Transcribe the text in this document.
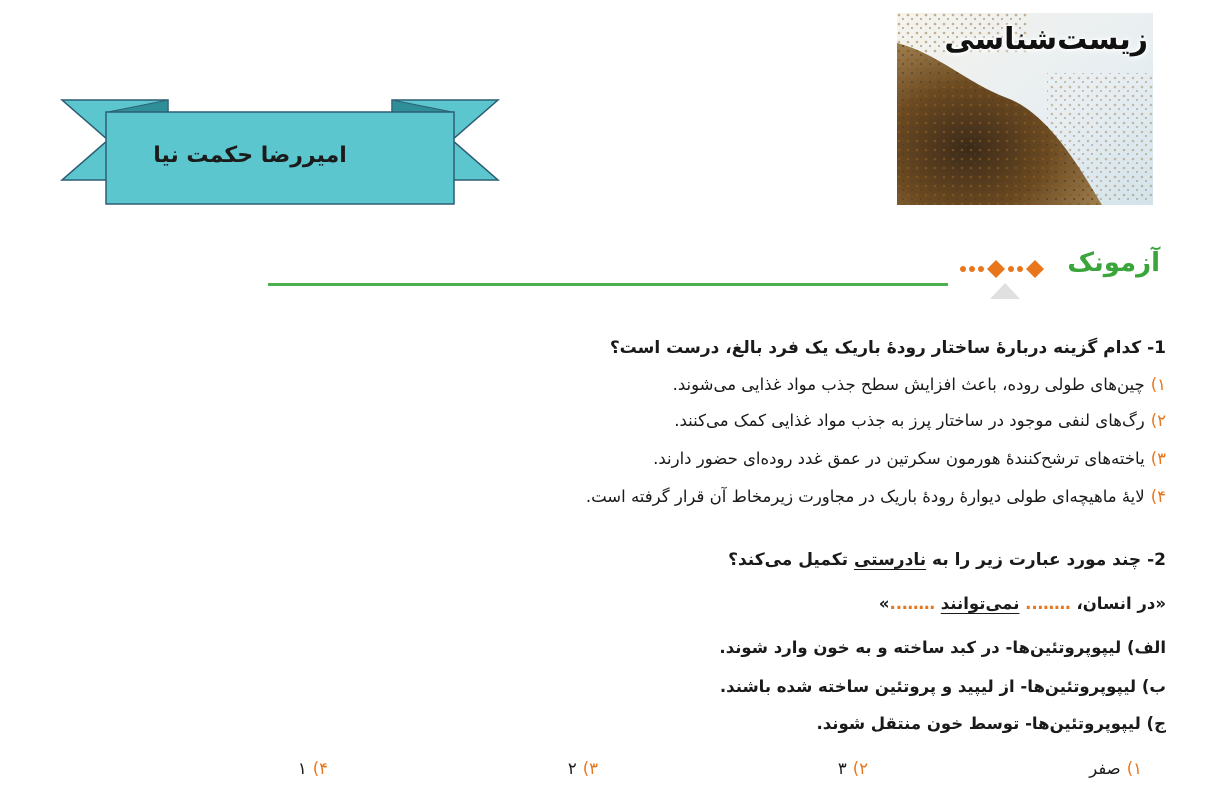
امیررضا حکمت نیا
زیست‌شناسی
آزمونک
1- کدام گزینه دربارهٔ ساختار رودهٔ باریک یک فرد بالغ، درست است؟
۱)چین‌های طولی روده، باعث افزایش سطح جذب مواد غذایی می‌شوند.
۲)رگ‌های لنفی موجود در ساختار پرز به جذب مواد غذایی کمک می‌کنند.
۳)یاخته‌های ترشح‌کنندهٔ هورمون سکرتین در عمق غدد روده‌ای حضور دارند.
۴)لایهٔ ماهیچه‌ای طولی دیوارهٔ رودهٔ باریک در مجاورت زیرمخاط آن قرار گرفته است.
2- چند مورد عبارت زیر را به نادرستی تکمیل می‌کند؟
«در انسان، …….. نمی‌توانند ……..»
الف) لیپوپروتئین‌ها- در کبد ساخته و به خون وارد شوند.
ب) لیپوپروتئین‌ها- از لیپید و پروتئین ساخته شده باشند.
ج) لیپوپروتئین‌ها- توسط خون منتقل شوند.
۱)صفر
۲)۳
۳)۲
۴)۱
